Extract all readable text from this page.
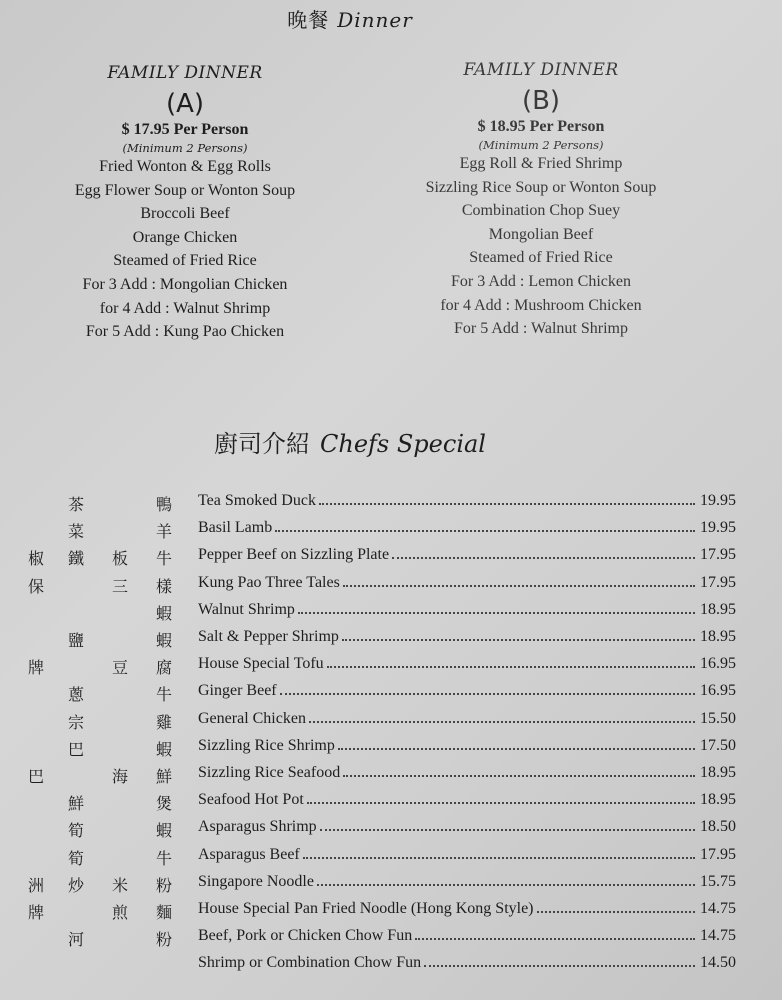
晚餐 Dinner
FAMILY DINNER
(A)
$ 17.95 Per Person
(Minimum 2 Persons)
Fried Wonton & Egg Rolls
Egg Flower Soup or Wonton Soup
Broccoli Beef
Orange Chicken
Steamed of Fried Rice
For 3 Add : Mongolian Chicken
for 4 Add : Walnut Shrimp
For 5 Add : Kung Pao Chicken
FAMILY DINNER
(B)
$ 18.95 Per Person
(Minimum 2 Persons)
Egg Roll & Fried Shrimp
Sizzling Rice Soup or Wonton Soup
Combination Chop Suey
Mongolian Beef
Steamed of Fried Rice
For 3 Add : Lemon Chicken
for 4 Add : Mushroom Chicken
For 5 Add : Walnut Shrimp
廚司介紹 Chefs Special
茶	鴨 Tea Smoked Duck	19.95
菜	羊 Basil Lamb	19.95
椒 鐵 板 牛 Pepper Beef on Sizzling Plate	17.95
保	三 樣 Kung Pao Three Tales	17.95
蝦 Walnut Shrimp	18.95
鹽	蝦 Salt & Pepper Shrimp	18.95
牌	豆 腐 House Special Tofu	16.95
蔥	牛 Ginger Beef	16.95
宗	雞 General Chicken	15.50
巴	蝦 Sizzling Rice Shrimp	17.50
巴	海 鮮 Sizzling Rice Seafood	18.95
鮮	煲 Seafood Hot Pot	18.95
筍	蝦 Asparagus Shrimp	18.50
筍	牛 Asparagus Beef	17.95
洲 炒 米 粉 Singapore Noodle	15.75
牌	煎 麵 House Special Pan Fried Noodle (Hong Kong Style)	14.75
河	粉 Beef, Pork or Chicken Chow Fun	14.75
Shrimp or Combination Chow Fun	14.50
